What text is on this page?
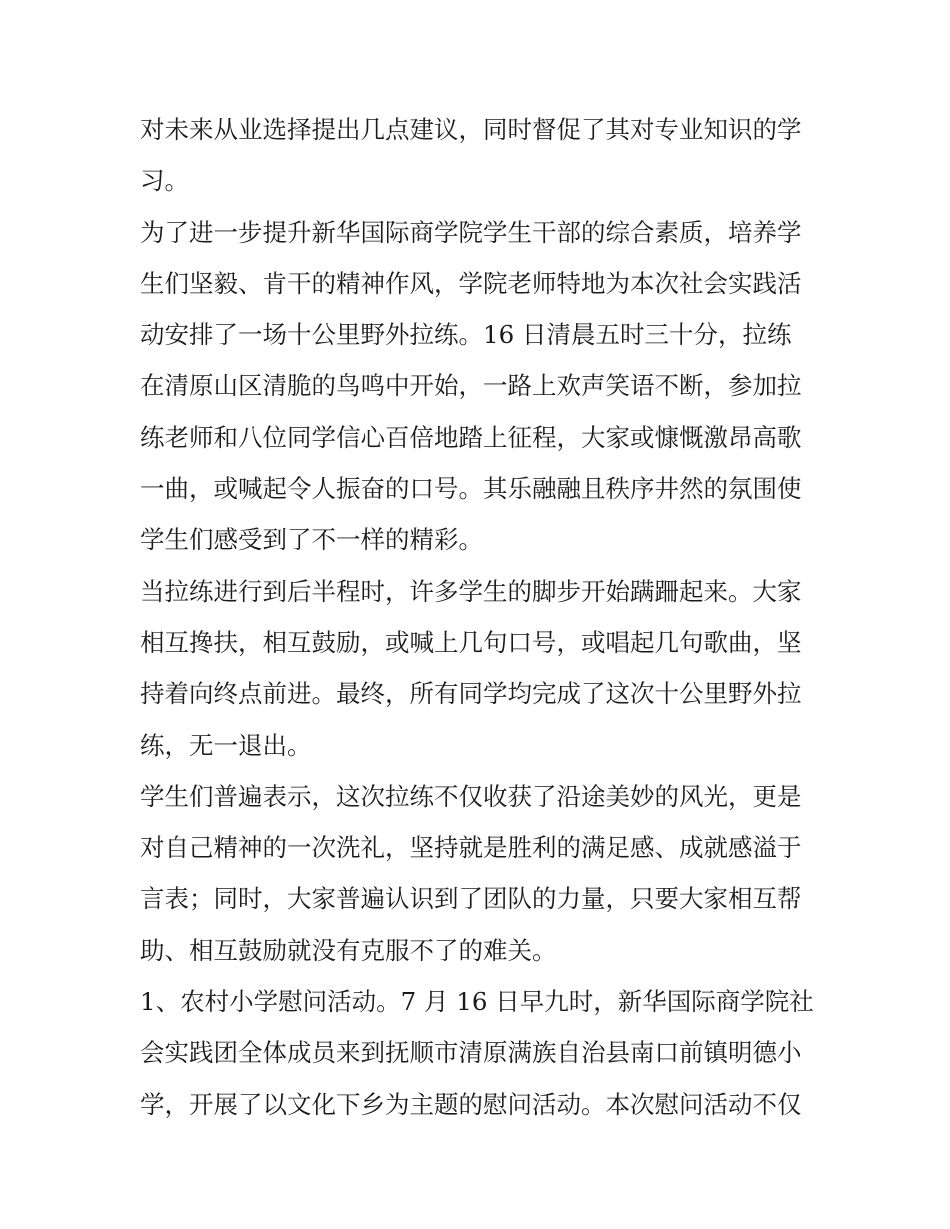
对未来从业选择提出几点建议，同时督促了其对专业知识的学
习。
为了进一步提升新华国际商学院学生干部的综合素质，培养学
生们坚毅、肯干的精神作风，学院老师特地为本次社会实践活
动安排了一场十公里野外拉练。16 日清晨五时三十分，拉练
在清原山区清脆的鸟鸣中开始，一路上欢声笑语不断，参加拉
练老师和八位同学信心百倍地踏上征程，大家或慷慨激昂高歌
一曲，或喊起令人振奋的口号。其乐融融且秩序井然的氛围使
学生们感受到了不一样的精彩。
当拉练进行到后半程时，许多学生的脚步开始蹒跚起来。大家
相互搀扶，相互鼓励，或喊上几句口号，或唱起几句歌曲，坚
持着向终点前进。最终，所有同学均完成了这次十公里野外拉
练，无一退出。
学生们普遍表示，这次拉练不仅收获了沿途美妙的风光，更是
对自己精神的一次洗礼，坚持就是胜利的满足感、成就感溢于
言表；同时，大家普遍认识到了团队的力量，只要大家相互帮
助、相互鼓励就没有克服不了的难关。
1、农村小学慰问活动。7 月 16 日早九时，新华国际商学院社
会实践团全体成员来到抚顺市清原满族自治县南口前镇明德小
学，开展了以文化下乡为主题的慰问活动。本次慰问活动不仅
